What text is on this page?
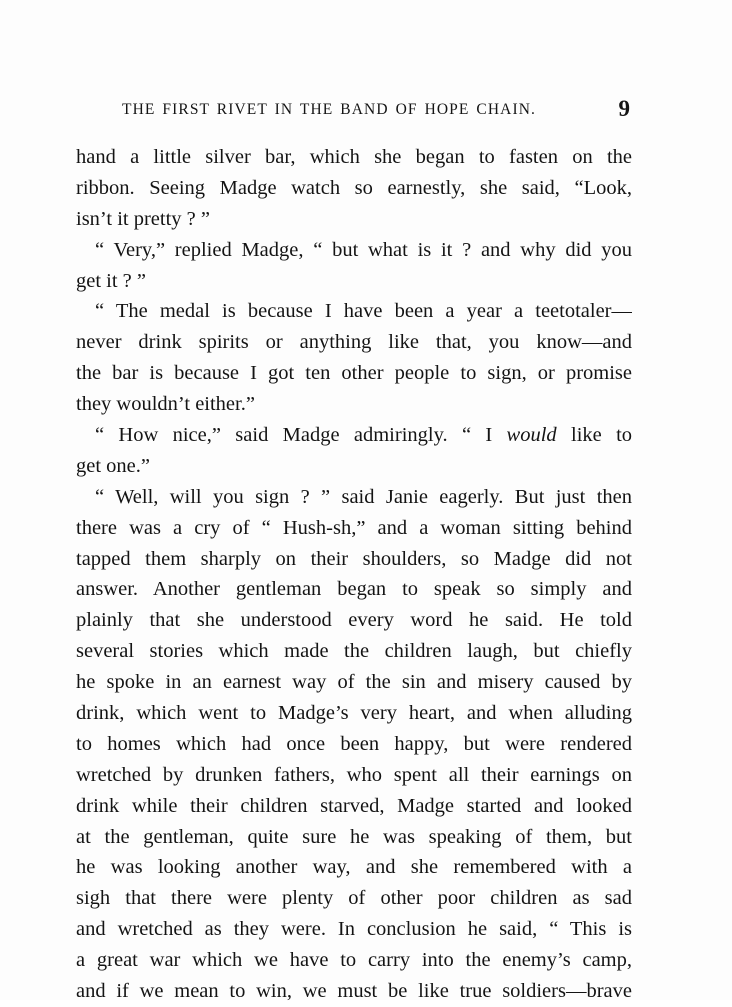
THE FIRST RIVET IN THE BAND OF HOPE CHAIN.	9
hand a little silver bar, which she began to fasten on the
ribbon. Seeing Madge watch so earnestly, she said, “Look,
isn’t it pretty ? ”
“ Very,” replied Madge, “ but what is it ? and why did you
get it ? ”
“ The medal is because I have been a year a teetotaler—
never drink spirits or anything like that, you know—and
the bar is because I got ten other people to sign, or promise
they wouldn’t either.”
“ How nice,” said Madge admiringly. “ I would like to
get one.”
“ Well, will you sign ? ” said Janie eagerly. But just then
there was a cry of “ Hush-sh,” and a woman sitting behind
tapped them sharply on their shoulders, so Madge did not
answer. Another gentleman began to speak so simply and
plainly that she understood every word he said. He told
several stories which made the children laugh, but chiefly
he spoke in an earnest way of the sin and misery caused by
drink, which went to Madge’s very heart, and when alluding
to homes which had once been happy, but were rendered
wretched by drunken fathers, who spent all their earnings on
drink while their children starved, Madge started and looked
at the gentleman, quite sure he was speaking of them, but
he was looking another way, and she remembered with a
sigh that there were plenty of other poor children as sad
and wretched as they were. In conclusion he said, “ This is
a great war which we have to carry into the enemy’s camp,
and if we mean to win, we must be like true soldiers—brave
